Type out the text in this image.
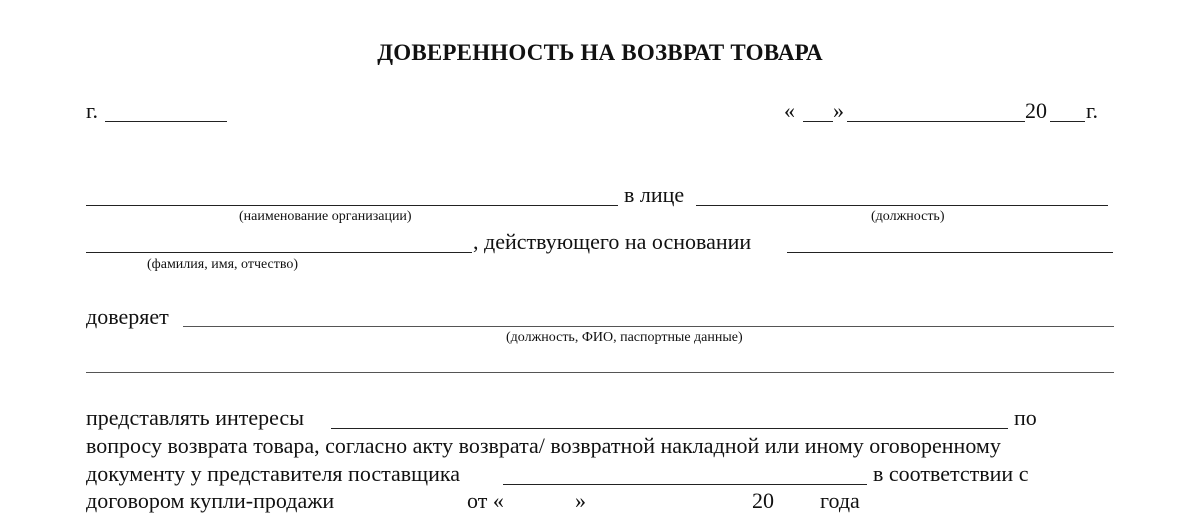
ДОВЕРЕННОСТЬ НА ВОЗВРАТ ТОВАРА
г.	« »	20 г.
в лице
(наименование организации)	(должность)
, действующего на основании
(фамилия, имя, отчество)
доверяет
(должность, ФИО, паспортные данные)
представлять интересы	по
вопросу возврата товара, согласно акту возврата/ возвратной накладной или иному оговоренному
документу у представителя поставщика	в соответствии с
договором купли-продажи	от «	»	20 года
